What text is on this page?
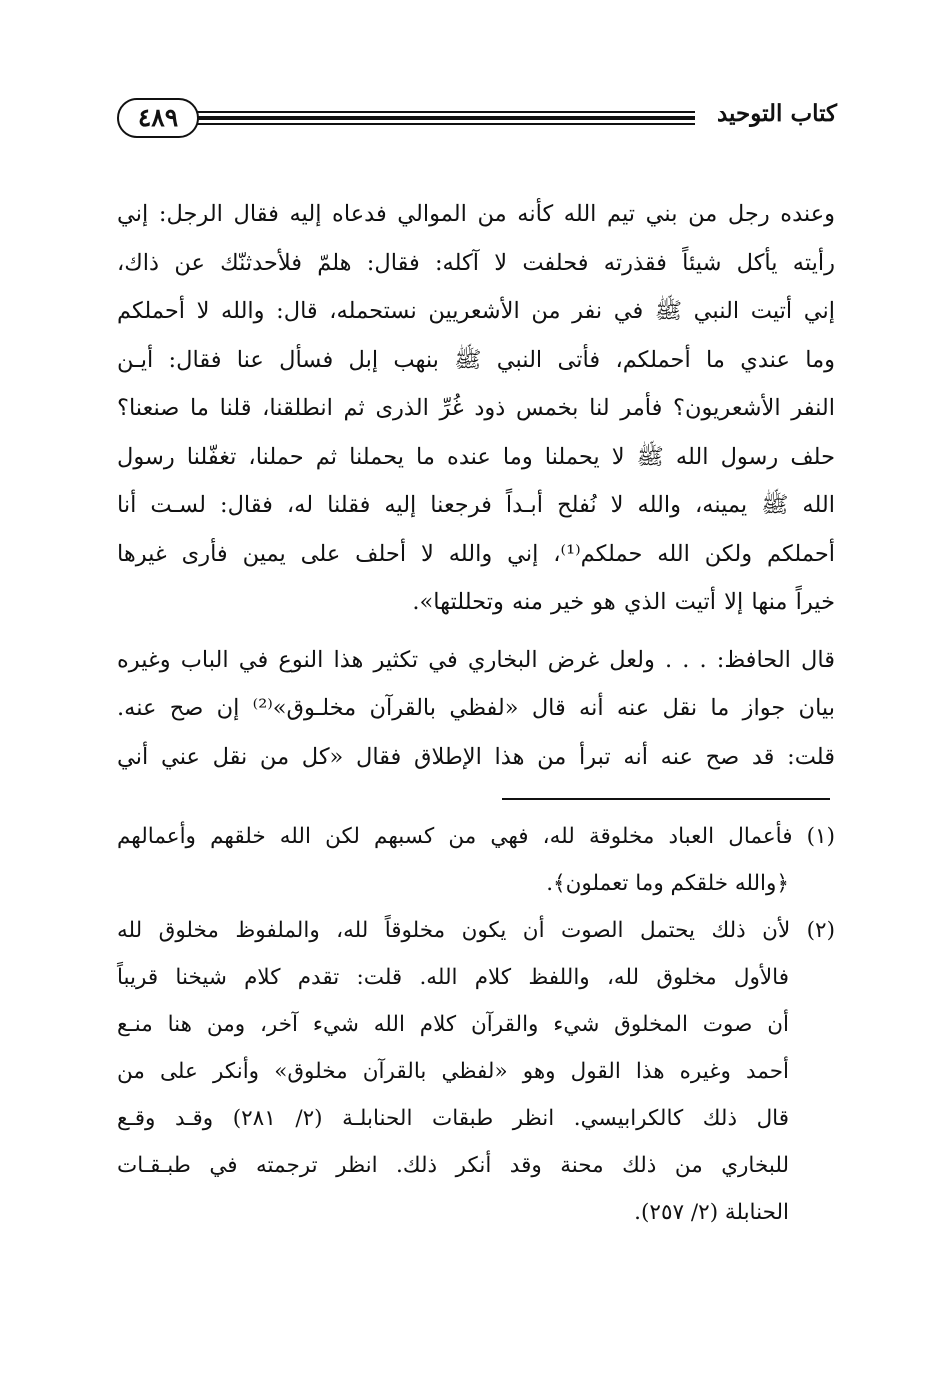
٤٨٩	كتاب التوحيد
وعنده رجل من بني تيم الله كأنه من الموالي فدعاه إليه فقال الرجل: إني
رأيته يأكل شيئاً فقذرته فحلفت لا آكله: فقال: هلمّ فلأحدثنّك عن ذاك،
إني أتيت النبي ﷺ في نفر من الأشعريين نستحمله، قال: والله لا أحملكم
وما عندي ما أحملكم، فأتى النبي ﷺ بنهب إبل فسأل عنا فقال: أيـن
النفر الأشعريون؟ فأمر لنا بخمس ذود غُرِّ الذرى ثم انطلقنا، قلنا ما صنعنا؟
حلف رسول الله ﷺ لا يحملنا وما عنده ما يحملنا ثم حملنا، تغفّلنا رسول
الله ﷺ يمينه، والله لا نُفلح أبـداً فرجعنا إليه فقلنا له، فقال: لسـت أنا
أحملكم ولكن الله حملكم⁽¹⁾، إني والله لا أحلف على يمين فأرى غيرها
خيراً منها إلا أتيت الذي هو خير منه وتحللتها».
قال الحافظ: . . . ولعل غرض البخاري في تكثير هذا النوع في الباب وغيره
بيان جواز ما نقل عنه أنه قال «لفظي بالقرآن مخلـوق»⁽²⁾ إن صح عنه.
قلت: قد صح عنه أنه تبرأ من هذا الإطلاق فقال «كل من نقل عني أني
(١) فأعمال العباد مخلوقة لله، فهي من كسبهم لكن الله خلقهم وأعمالهم
﴿والله خلقكم وما تعملون﴾.
(٢) لأن ذلك يحتمل الصوت أن يكون مخلوقاً لله، والملفوظ مخلوق لله
فالأول مخلوق لله، واللفظ كلام الله. قلت: تقدم كلام شيخنا قريباً
أن صوت المخلوق شيء والقرآن كلام الله شيء آخر، ومن هنا منـع
أحمد وغيره هذا القول وهو «لفظي بالقرآن مخلوق» وأنكر على من
قال ذلك كالكرابيسي. انظر طبقات الحنابلـة (٢/ ٢٨١) وقـد وقـع
للبخاري من ذلك محنة وقد أنكر ذلك. انظر ترجمته في طبـقـات
الحنابلة (٢/ ٢٥٧).
